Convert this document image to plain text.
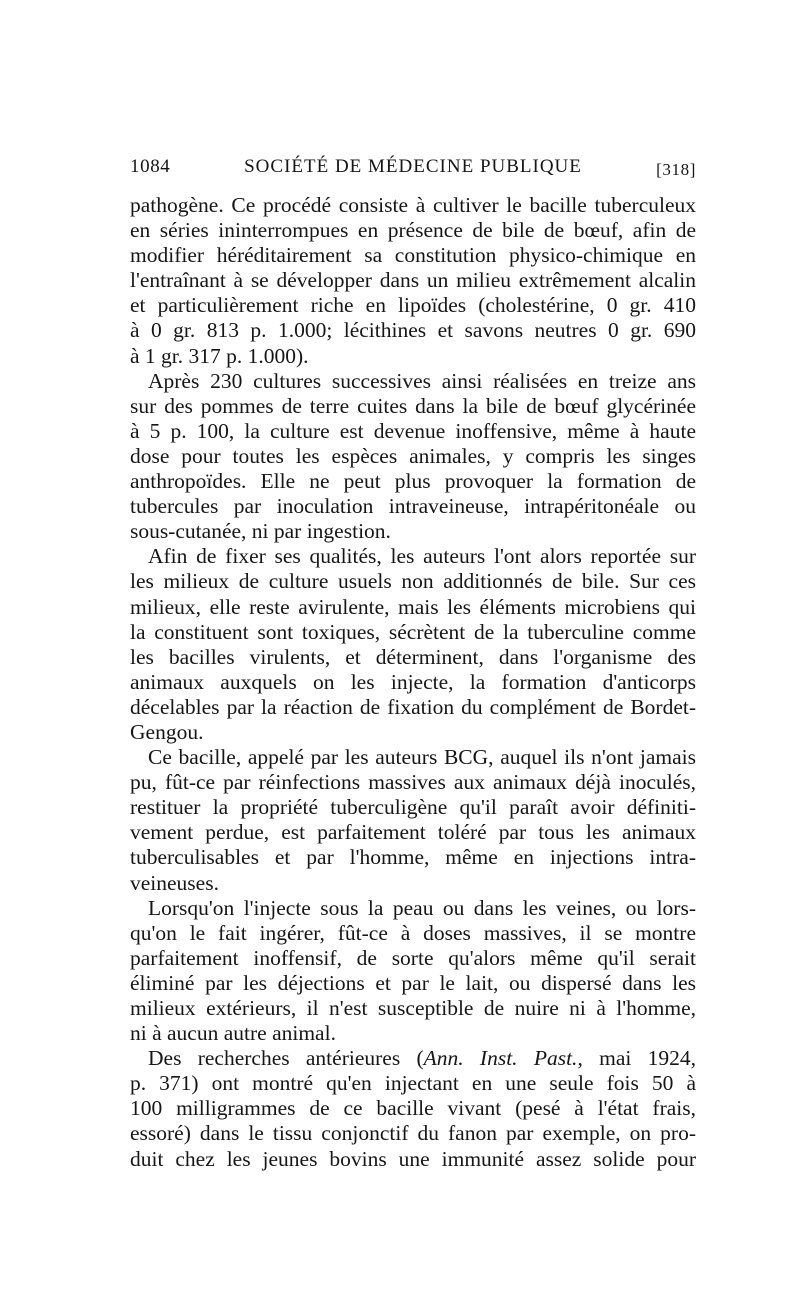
1084	SOCIÉTÉ DE MÉDECINE PUBLIQUE	[318]

pathogène. Ce procédé consiste à cultiver le bacille tuberculeux
en séries ininterrompues en présence de bile de bœuf, afin de
modifier héréditairement sa constitution physico-chimique en
l'entraînant à se développer dans un milieu extrêmement alcalin
et particulièrement riche en lipoïdes (cholestérine, 0 gr. 410
à 0 gr. 813 p. 1.000; lécithines et savons neutres 0 gr. 690
à 1 gr. 317 p. 1.000).

Après 230 cultures successives ainsi réalisées en treize ans
sur des pommes de terre cuites dans la bile de bœuf glycérinée
à 5 p. 100, la culture est devenue inoffensive, même à haute
dose pour toutes les espèces animales, y compris les singes
anthropoïdes. Elle ne peut plus provoquer la formation de
tubercules par inoculation intraveineuse, intrapéritonéale ou
sous-cutanée, ni par ingestion.

Afin de fixer ses qualités, les auteurs l'ont alors reportée sur
les milieux de culture usuels non additionnés de bile. Sur ces
milieux, elle reste avirulente, mais les éléments microbiens qui
la constituent sont toxiques, sécrètent de la tuberculine comme
les bacilles virulents, et déterminent, dans l'organisme des
animaux auxquels on les injecte, la formation d'anticorps
décelables par la réaction de fixation du complément de Bordet-
Gengou.

Ce bacille, appelé par les auteurs BCG, auquel ils n'ont jamais
pu, fût-ce par réinfections massives aux animaux déjà inoculés,
restituer la propriété tuberculigène qu'il paraît avoir définiti-
vement perdue, est parfaitement toléré par tous les animaux
tuberculisables et par l'homme, même en injections intra-
veineuses.

Lorsqu'on l'injecte sous la peau ou dans les veines, ou lors-
qu'on le fait ingérer, fût-ce à doses massives, il se montre
parfaitement inoffensif, de sorte qu'alors même qu'il serait
éliminé par les déjections et par le lait, ou dispersé dans les
milieux extérieurs, il n'est susceptible de nuire ni à l'homme,
ni à aucun autre animal.

Des recherches antérieures (Ann. Inst. Past., mai 1924,
p. 371) ont montré qu'en injectant en une seule fois 50 à
100 milligrammes de ce bacille vivant (pesé à l'état frais,
essoré) dans le tissu conjonctif du fanon par exemple, on pro-
duit chez les jeunes bovins une immunité assez solide pour
